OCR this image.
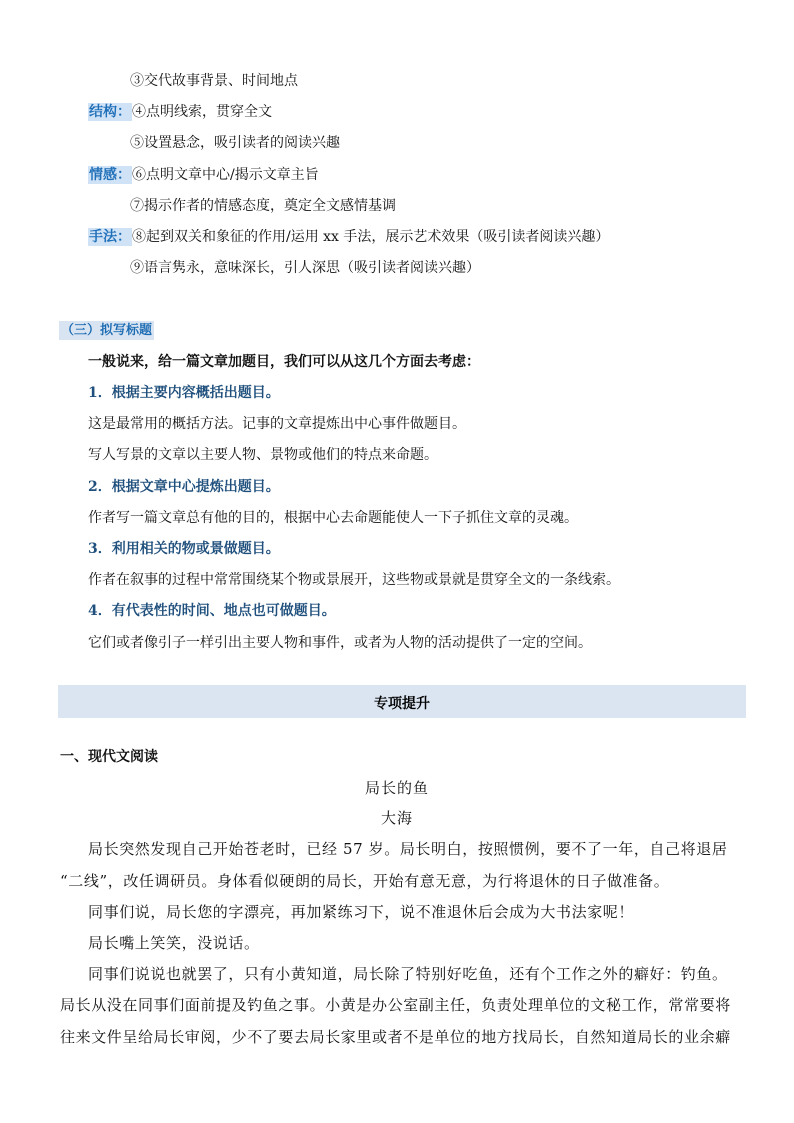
③交代故事背景、时间地点
结构：④点明线索，贯穿全文
⑤设置悬念，吸引读者的阅读兴趣
情感：⑥点明文章中心/揭示文章主旨
⑦揭示作者的情感态度，奠定全文感情基调
手法：⑧起到双关和象征的作用/运用 xx 手法，展示艺术效果（吸引读者阅读兴趣）
⑨语言隽永，意味深长，引人深思（吸引读者阅读兴趣）
（三）拟写标题
一般说来，给一篇文章加题目，我们可以从这几个方面去考虑：
1．根据主要内容概括出题目。
这是最常用的概括方法。记事的文章提炼出中心事件做题目。
写人写景的文章以主要人物、景物或他们的特点来命题。
2．根据文章中心提炼出题目。
作者写一篇文章总有他的目的，根据中心去命题能使人一下子抓住文章的灵魂。
3．利用相关的物或景做题目。
作者在叙事的过程中常常围绕某个物或景展开，这些物或景就是贯穿全文的一条线索。
4．有代表性的时间、地点也可做题目。
它们或者像引子一样引出主要人物和事件，或者为人物的活动提供了一定的空间。
专项提升
一、现代文阅读
局长的鱼
大海
局长突然发现自己开始苍老时，已经 57 岁。局长明白，按照惯例，要不了一年，自己将退居
“二线”，改任调研员。身体看似硬朗的局长，开始有意无意，为行将退休的日子做准备。
同事们说，局长您的字漂亮，再加紧练习下，说不准退休后会成为大书法家呢！
局长嘴上笑笑，没说话。
同事们说说也就罢了，只有小黄知道，局长除了特别好吃鱼，还有个工作之外的癖好：钓鱼。
局长从没在同事们面前提及钓鱼之事。小黄是办公室副主任，负责处理单位的文秘工作，常常要将
往来文件呈给局长审阅，少不了要去局长家里或者不是单位的地方找局长，自然知道局长的业余癖
